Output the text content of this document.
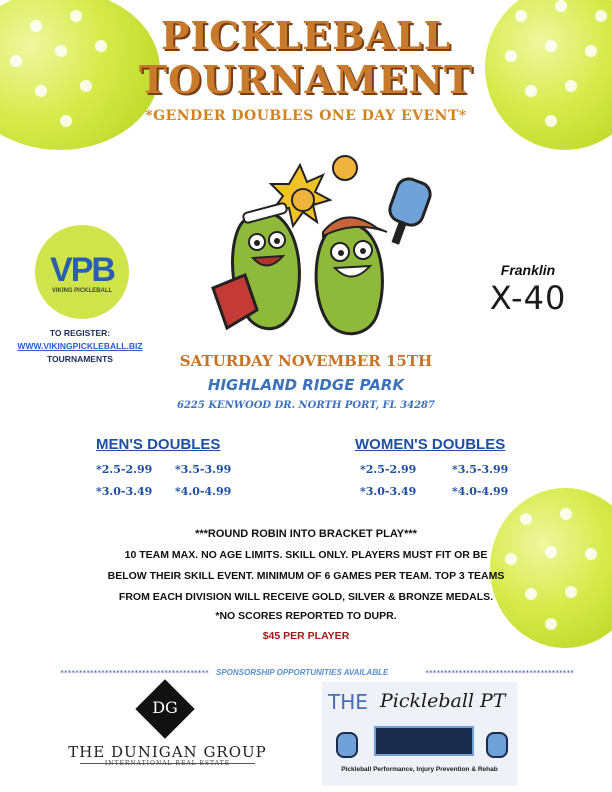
PICKLEBALL
TOURNAMENT
*GENDER DOUBLES ONE DAY EVENT*
VPB
VIKING PICKLEBALL
TO REGISTER:
WWW.VIKINGPICKLEBALL.BIZ
TOURNAMENTS
Franklin
X-40
SATURDAY NOVEMBER 15TH
HIGHLAND RIDGE PARK
6225 KENWOOD DR. NORTH PORT, FL 34287
MEN'S DOUBLES
*2.5-2.99 *3.5-3.99
*3.0-3.49 *4.0-4.99
WOMEN'S DOUBLES
*2.5-2.99	*3.5-3.99
*3.0-3.49	*4.0-4.99
***ROUND ROBIN INTO BRACKET PLAY***
10 TEAM MAX. NO AGE LIMITS. SKILL ONLY. PLAYERS MUST FIT OR BE
BELOW THEIR SKILL EVENT. MINIMUM OF 6 GAMES PER TEAM. TOP 3 TEAMS
FROM EACH DIVISION WILL RECEIVE GOLD, SILVER & BRONZE MEDALS.
*NO SCORES REPORTED TO DUPR.
$45 PER PLAYER
**************************************** SPONSORSHIP OPPORTUNITIES AVAILABLE	****************************************
DG
THE DUNIGAN GROUP
INTERNATIONAL REAL ESTATE
THE Pickleball PT
Pickleball Performance, Injury Prevention & Rehab
